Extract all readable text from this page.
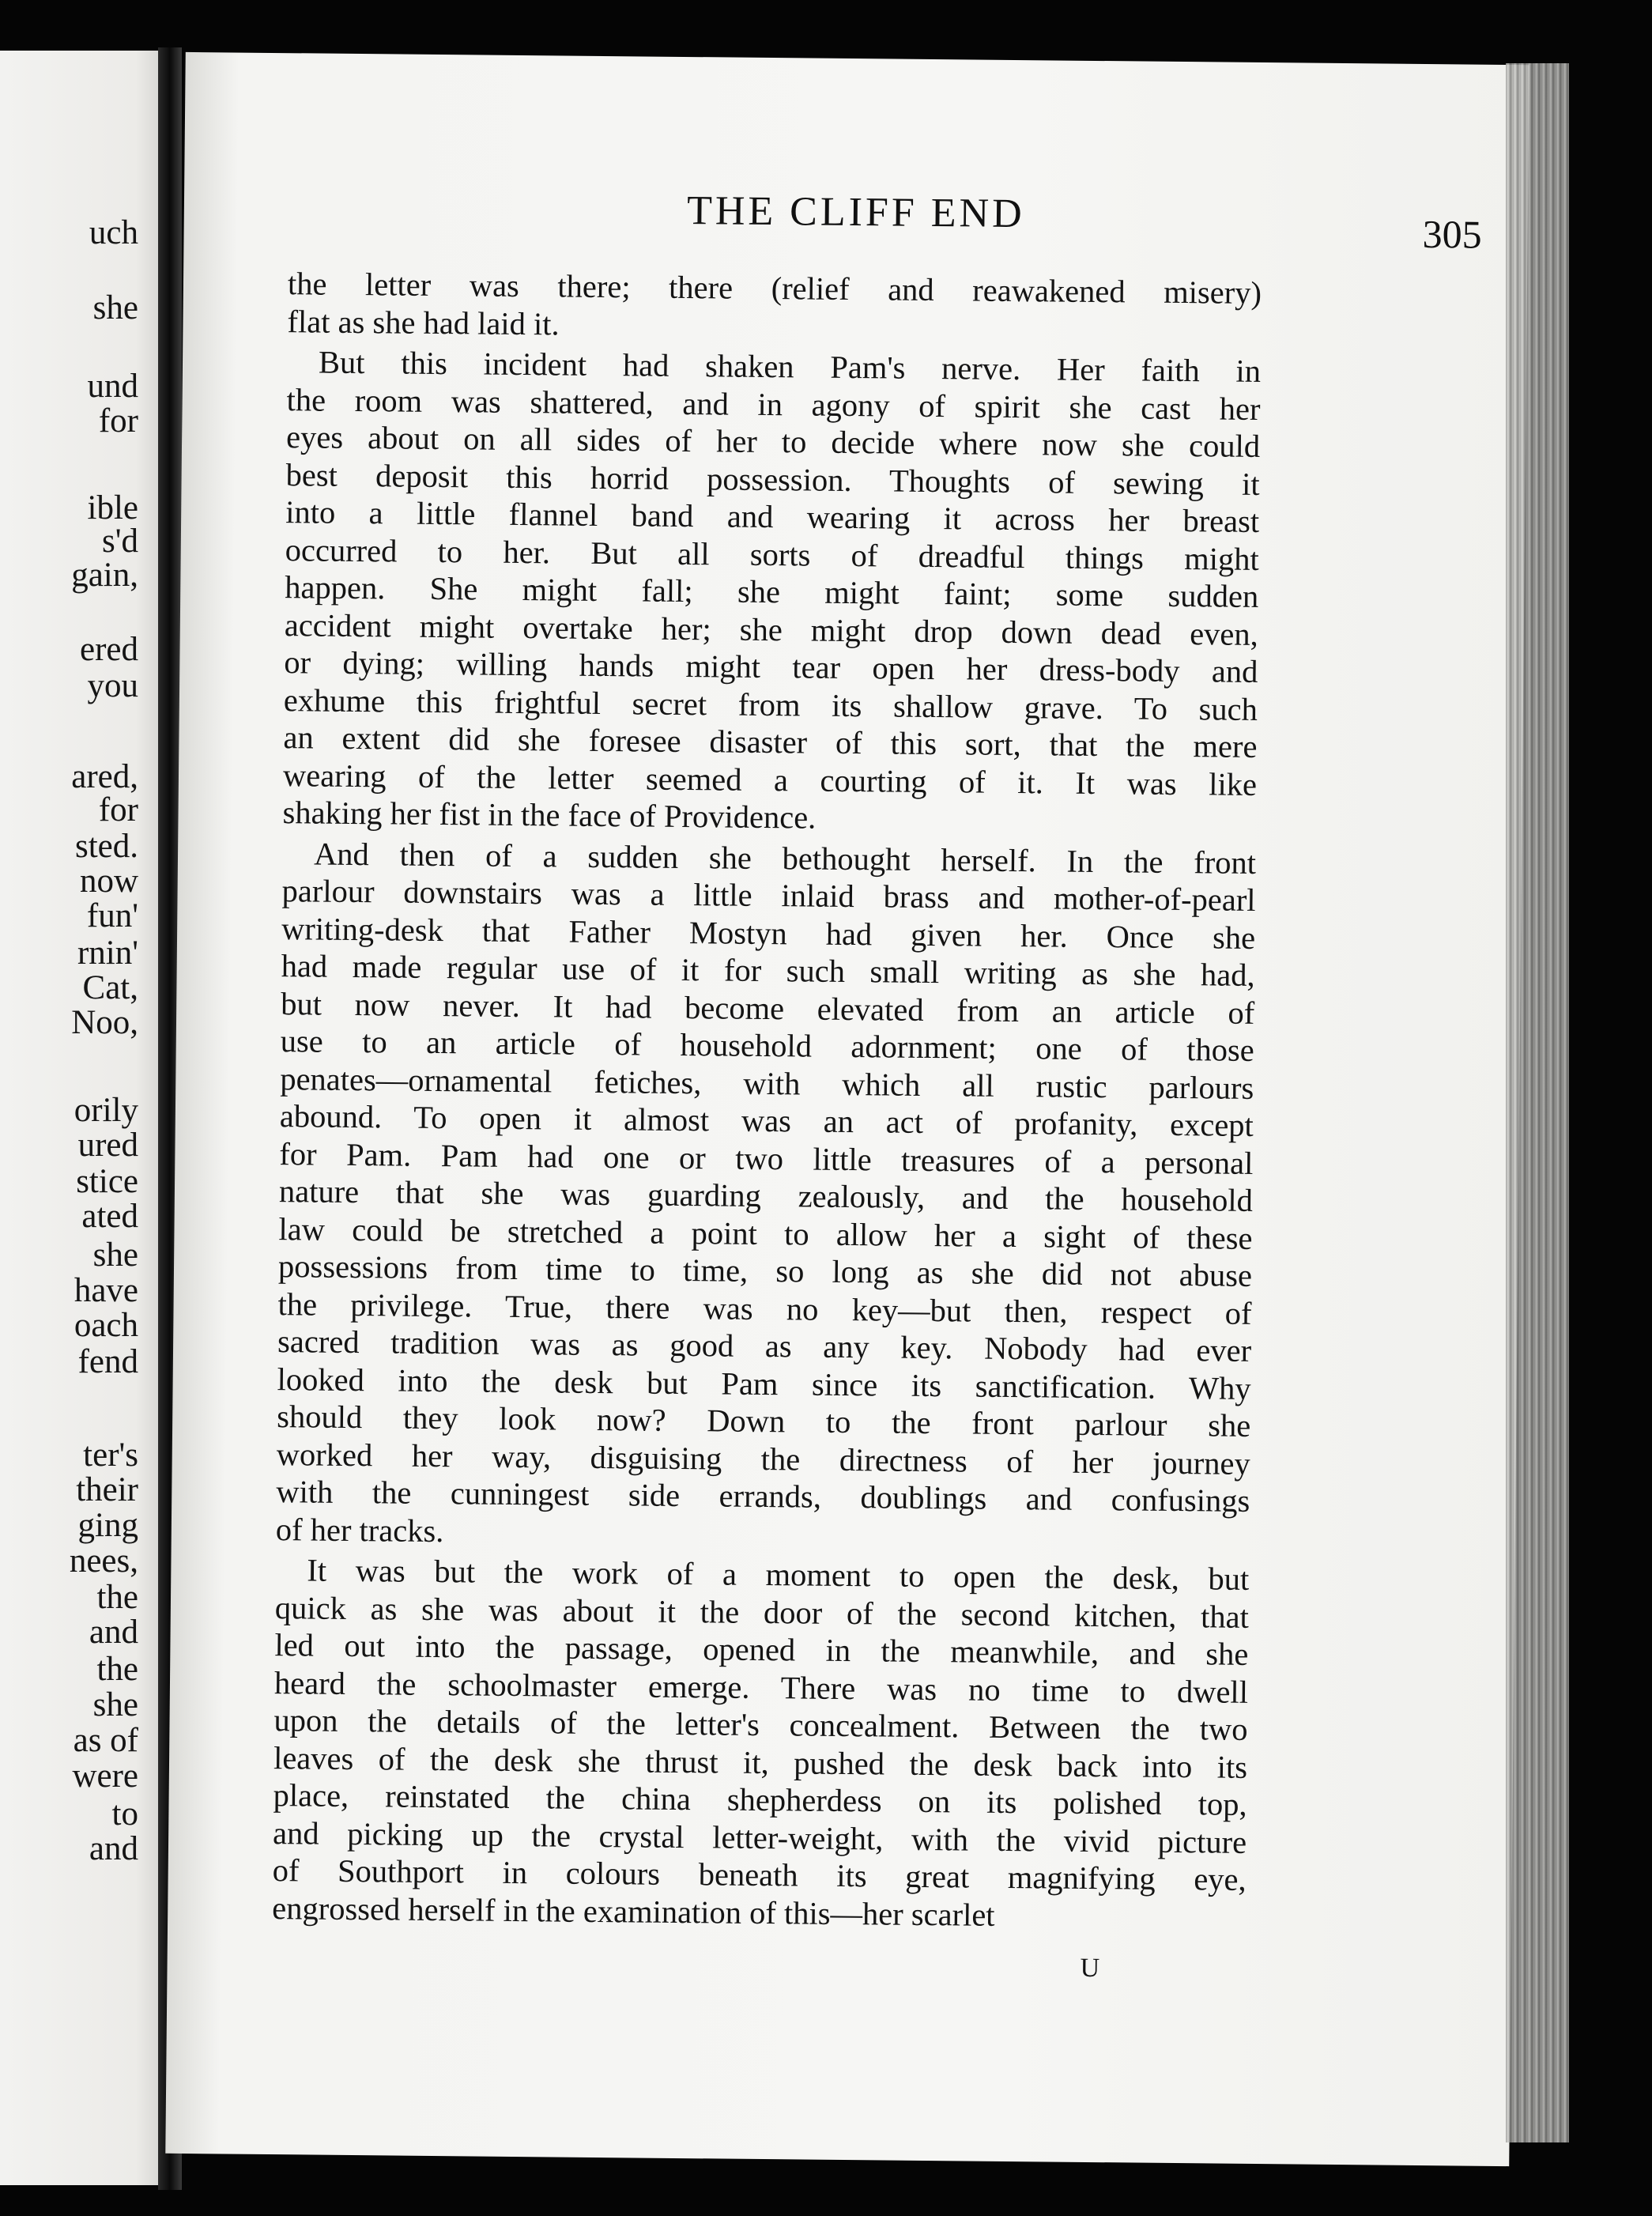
uch
she
und
for
ible
s'd
gain,
ered
you
ared,
for
sted.
now
fun'
rnin'
Cat,
Noo,
orily
ured
stice
ated
she
have
oach
fend
ter's
their
ging
nees,
the
and
the
she
as of
were
to
and
THE CLIFF END	305
the letter was there; there (relief and reawakened misery)
flat as she had laid it.
But this incident had shaken Pam's nerve. Her faith in
the room was shattered, and in agony of spirit she cast her
eyes about on all sides of her to decide where now she could
best deposit this horrid possession. Thoughts of sewing it
into a little flannel band and wearing it across her breast
occurred to her. But all sorts of dreadful things might
happen. She might fall; she might faint; some sudden
accident might overtake her; she might drop down dead even,
or dying; willing hands might tear open her dress-body and
exhume this frightful secret from its shallow grave. To such
an extent did she foresee disaster of this sort, that the mere
wearing of the letter seemed a courting of it. It was like
shaking her fist in the face of Providence.
And then of a sudden she bethought herself. In the front
parlour downstairs was a little inlaid brass and mother-of-pearl
writing-desk that Father Mostyn had given her. Once she
had made regular use of it for such small writing as she had,
but now never. It had become elevated from an article of
use to an article of household adornment; one of those
penates—ornamental fetiches, with which all rustic parlours
abound. To open it almost was an act of profanity, except
for Pam. Pam had one or two little treasures of a personal
nature that she was guarding zealously, and the household
law could be stretched a point to allow her a sight of these
possessions from time to time, so long as she did not abuse
the privilege. True, there was no key—but then, respect of
sacred tradition was as good as any key. Nobody had ever
looked into the desk but Pam since its sanctification. Why
should they look now? Down to the front parlour she
worked her way, disguising the directness of her journey
with the cunningest side errands, doublings and confusings
of her tracks.
It was but the work of a moment to open the desk, but
quick as she was about it the door of the second kitchen, that
led out into the passage, opened in the meanwhile, and she
heard the schoolmaster emerge. There was no time to dwell
upon the details of the letter's concealment. Between the two
leaves of the desk she thrust it, pushed the desk back into its
place, reinstated the china shepherdess on its polished top,
and picking up the crystal letter-weight, with the vivid picture
of Southport in colours beneath its great magnifying eye,
engrossed herself in the examination of this—her scarlet
U
